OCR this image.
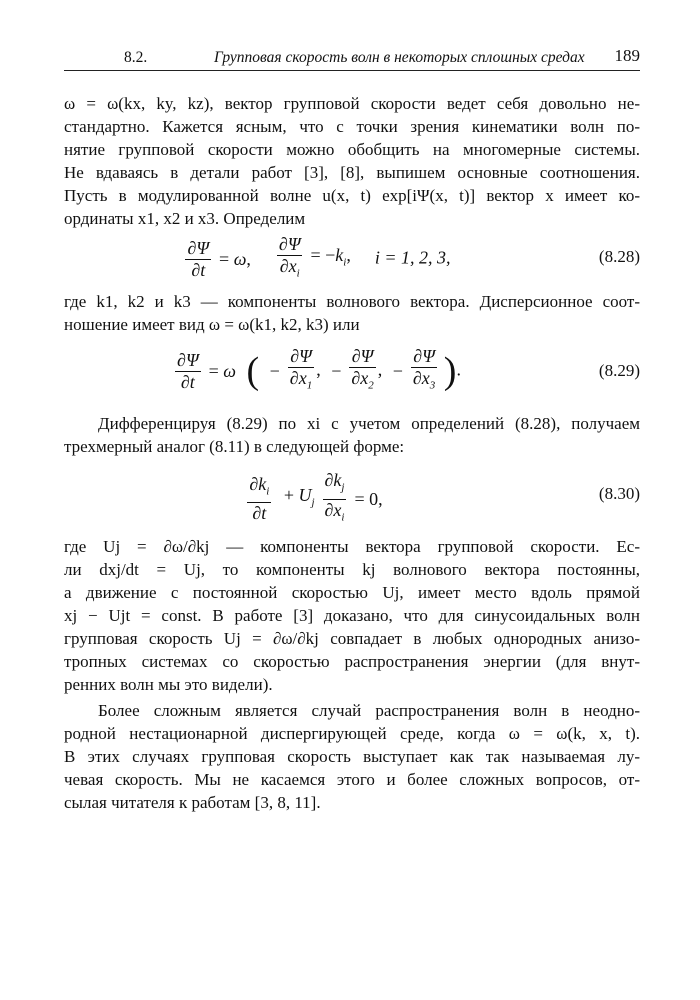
8.2.	Групповая скорость волн в некоторых сплошных средах 189

ω = ω(kx, ky, kz), вектор групповой скорости ведет себя довольно не-

стандартно. Кажется ясным, что с точки зрения кинематики волн по-

нятие групповой скорости можно обобщить на многомерные системы.

Не вдаваясь в детали работ [3], [8], выпишем основные соотношения.

Пусть в модулированной волне u(x, t) exp[iΨ(x, t)] вектор x имеет ко-

ординаты x1, x2 и x3. Определим

$\frac{\partial\Psi}{\partial t} = \omega$, $\frac{\partial\Psi}{\partial x_i} = -k_i$, i = 1, 2, 3,	(8.28)

где k1, k2 и k3 — компоненты волнового вектора. Дисперсионное соот-

ношение имеет вид ω = ω(k1, k2, k3) или

$\frac{\partial\Psi}{\partial t} = \omega$ ( − $\frac{\partial\Psi}{\partial x_1}$ , − $\frac{\partial\Psi}{\partial x_2}$ , − $\frac{\partial\Psi}{\partial x_3}$ ).	(8.29)

Дифференцируя (8.29) по xi с учетом определений (8.28), получаем

трехмерный аналог (8.11) в следующей форме:

$\frac{\partial k_i}{\partial t} + U_j \frac{\partial k_j}{\partial x_i} = 0$,	(8.30)

где Uj = ∂ω/∂kj — компоненты вектора групповой скорости. Ес-

ли dxj/dt = Uj, то компоненты kj волнового вектора постоянны,

а движение с постоянной скоростью Uj, имеет место вдоль прямой

xj − Ujt = const. В работе [3] доказано, что для синусоидальных волн

групповая скорость Uj = ∂ω/∂kj совпадает в любых однородных анизо-

тропных системах со скоростью распространения энергии (для внут-

ренних волн мы это видели).

Более сложным является случай распространения волн в неодно-

родной нестационарной диспергирующей среде, когда ω = ω(k, x, t).

В этих случаях групповая скорость выступает как так называемая лу-

чевая скорость. Мы не касаемся этого и более сложных вопросов, от-

сылая читателя к работам [3, 8, 11].
